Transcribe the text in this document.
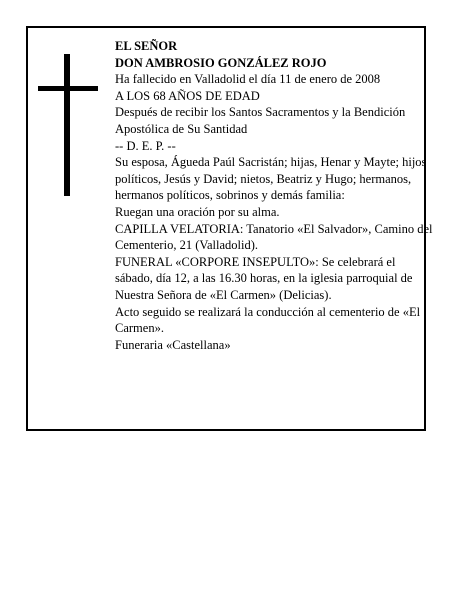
EL SEÑOR

DON AMBROSIO GONZÁLEZ ROJO

Ha fallecido en Valladolid el día 11 de enero de 2008

A LOS 68 AÑOS DE EDAD

Después de recibir los Santos Sacramentos y la Bendición Apostólica de Su Santidad

-- D. E. P. --

Su esposa, Águeda Paúl Sacristán; hijas, Henar y Mayte; hijos políticos, Jesús y David; nietos, Beatriz y Hugo; hermanos, hermanos políticos, sobrinos y demás familia:

Ruegan una oración por su alma.

CAPILLA VELATORIA: Tanatorio «El Salvador», Camino del Cementerio, 21 (Valladolid).

FUNERAL «CORPORE INSEPULTO»: Se celebrará el sábado, día 12, a las 16.30 horas, en la iglesia parroquial de Nuestra Señora de «El Carmen» (Delicias).

Acto seguido se realizará la conducción al cementerio de «El Carmen».

Funeraria «Castellana»
